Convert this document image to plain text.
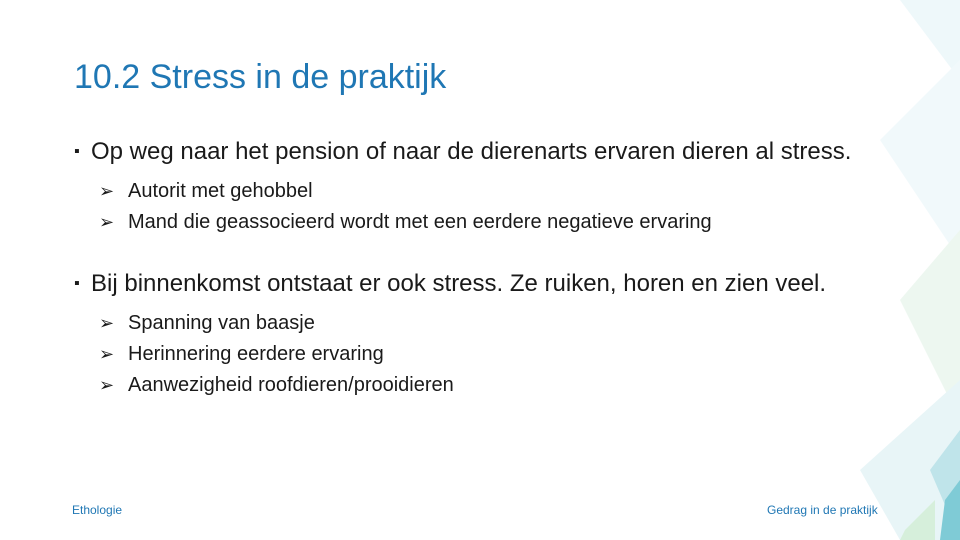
10.2 Stress in de praktijk
▪ Op weg naar het pension of naar de dierenarts ervaren dieren al stress.
➢ Autorit met gehobbel
➢ Mand die geassocieerd wordt met een eerdere negatieve ervaring
▪ Bij binnenkomst ontstaat er ook stress. Ze ruiken, horen en zien veel.
➢ Spanning van baasje
➢ Herinnering eerdere ervaring
➢ Aanwezigheid roofdieren/prooidieren
Ethologie	Gedrag in de praktijk
